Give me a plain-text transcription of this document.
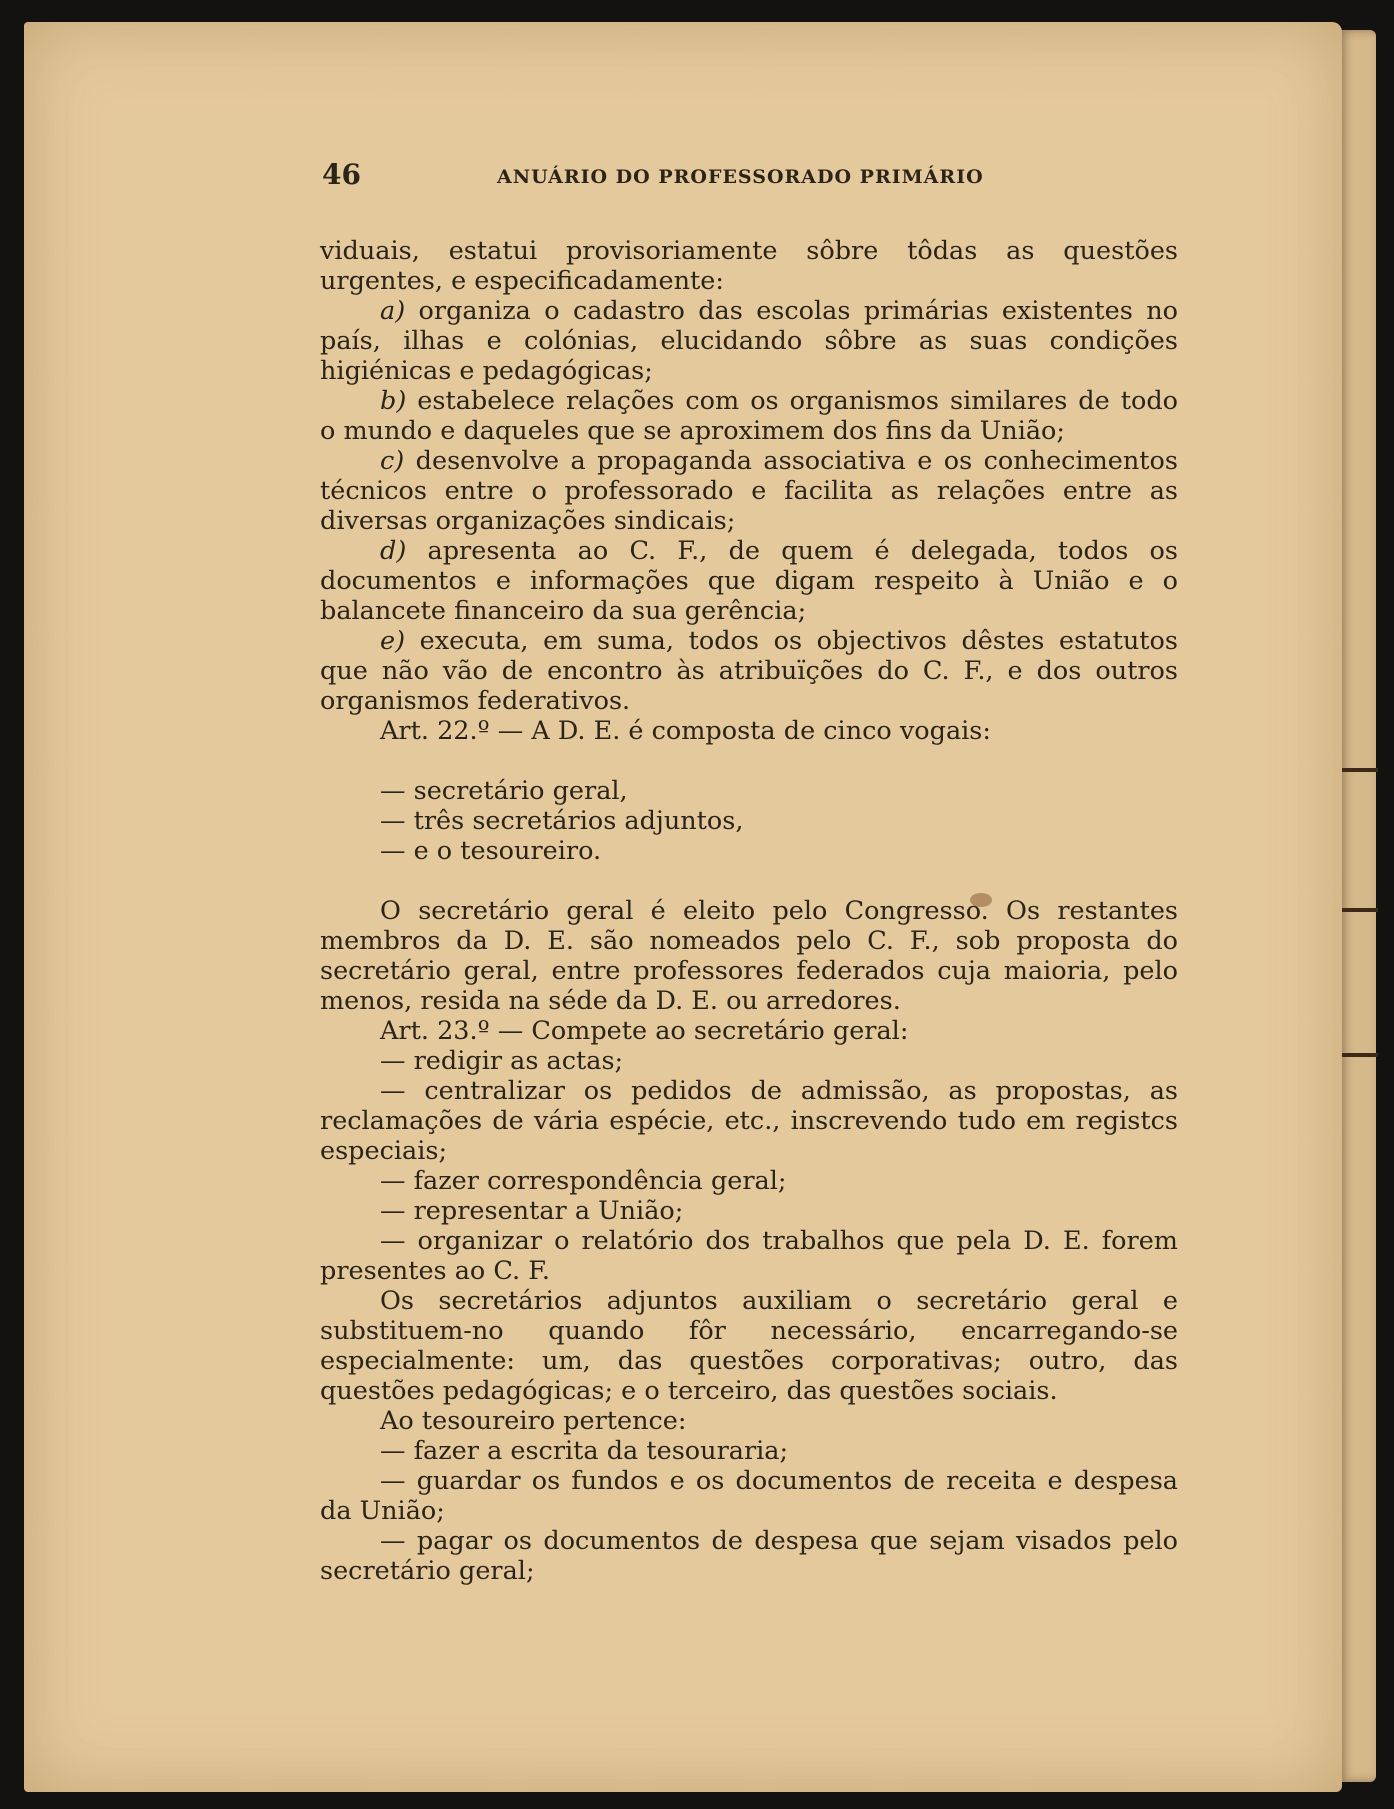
46	ANUÁRIO DO PROFESSORADO PRIMÁRIO

viduais, estatui provisoriamente sôbre tôdas as questões urgentes, e especificadamente:

a) organiza o cadastro das escolas primárias existentes no país, ilhas e colónias, elucidando sôbre as suas condições higiénicas e pedagógicas;

b) estabelece relações com os organismos similares de todo o mundo e daqueles que se aproximem dos fins da União;

c) desenvolve a propaganda associativa e os conhecimentos técnicos entre o professorado e facilita as relações entre as diversas organizações sindicais;

d) apresenta ao C. F., de quem é delegada, todos os documentos e informações que digam respeito à União e o balancete financeiro da sua gerência;

e) executa, em suma, todos os objectivos dêstes estatutos que não vão de encontro às atribuïções do C. F., e dos outros organismos federativos.

Art. 22.º — A D. E. é composta de cinco vogais:

— secretário geral,

— três secretários adjuntos,

— e o tesoureiro.

O secretário geral é eleito pelo Congresso. Os restantes membros da D. E. são nomeados pelo C. F., sob proposta do secretário geral, entre professores federados cuja maioria, pelo menos, resida na séde da D. E. ou arredores.

Art. 23.º — Compete ao secretário geral:

— redigir as actas;

— centralizar os pedidos de admissão, as propostas, as reclamações de vária espécie, etc., inscrevendo tudo em registcs especiais;

— fazer correspondência geral;

— representar a União;

— organizar o relatório dos trabalhos que pela D. E. forem presentes ao C. F.

Os secretários adjuntos auxiliam o secretário geral e substituem-no quando fôr necessário, encarregando-se especialmente: um, das questões corporativas; outro, das questões pedagógicas; e o terceiro, das questões sociais.

Ao tesoureiro pertence:

— fazer a escrita da tesouraria;

— guardar os fundos e os documentos de receita e despesa da União;

— pagar os documentos de despesa que sejam visados pelo secretário geral;
